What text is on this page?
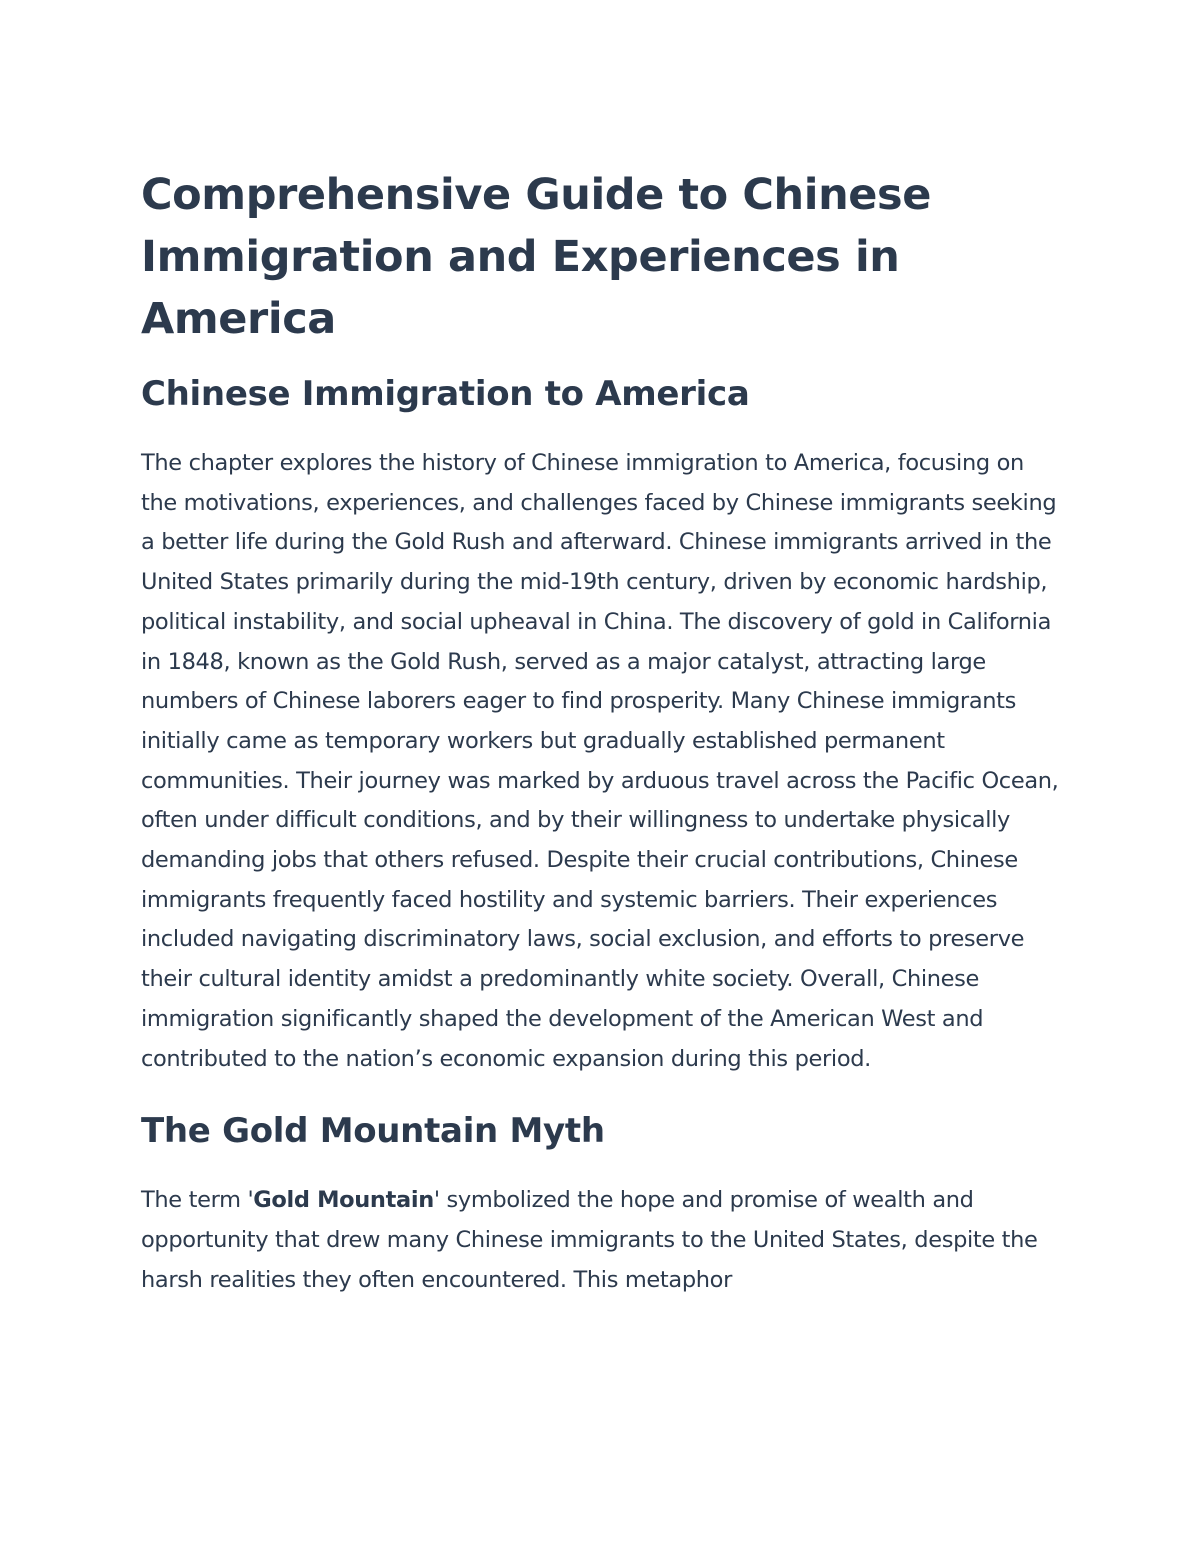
Comprehensive Guide to Chinese Immigration and Experiences in America
Chinese Immigration to America

The chapter explores the history of Chinese immigration to America, focusing on the motivations, experiences, and challenges faced by Chinese immigrants seeking a better life during the Gold Rush and afterward. Chinese immigrants arrived in the United States primarily during the mid-19th century, driven by economic hardship, political instability, and social upheaval in China. The discovery of gold in California in 1848, known as the Gold Rush, served as a major catalyst, attracting large numbers of Chinese laborers eager to find prosperity. Many Chinese immigrants initially came as temporary workers but gradually established permanent communities. Their journey was marked by arduous travel across the Pacific Ocean, often under difficult conditions, and by their willingness to undertake physically demanding jobs that others refused. Despite their crucial contributions, Chinese immigrants frequently faced hostility and systemic barriers. Their experiences included navigating discriminatory laws, social exclusion, and efforts to preserve their cultural identity amidst a predominantly white society. Overall, Chinese immigration significantly shaped the development of the American West and contributed to the nation’s economic expansion during this period.

The Gold Mountain Myth

The term 'Gold Mountain' symbolized the hope and promise of wealth and opportunity that drew many Chinese immigrants to the United States, despite the harsh realities they often encountered. This metaphor
